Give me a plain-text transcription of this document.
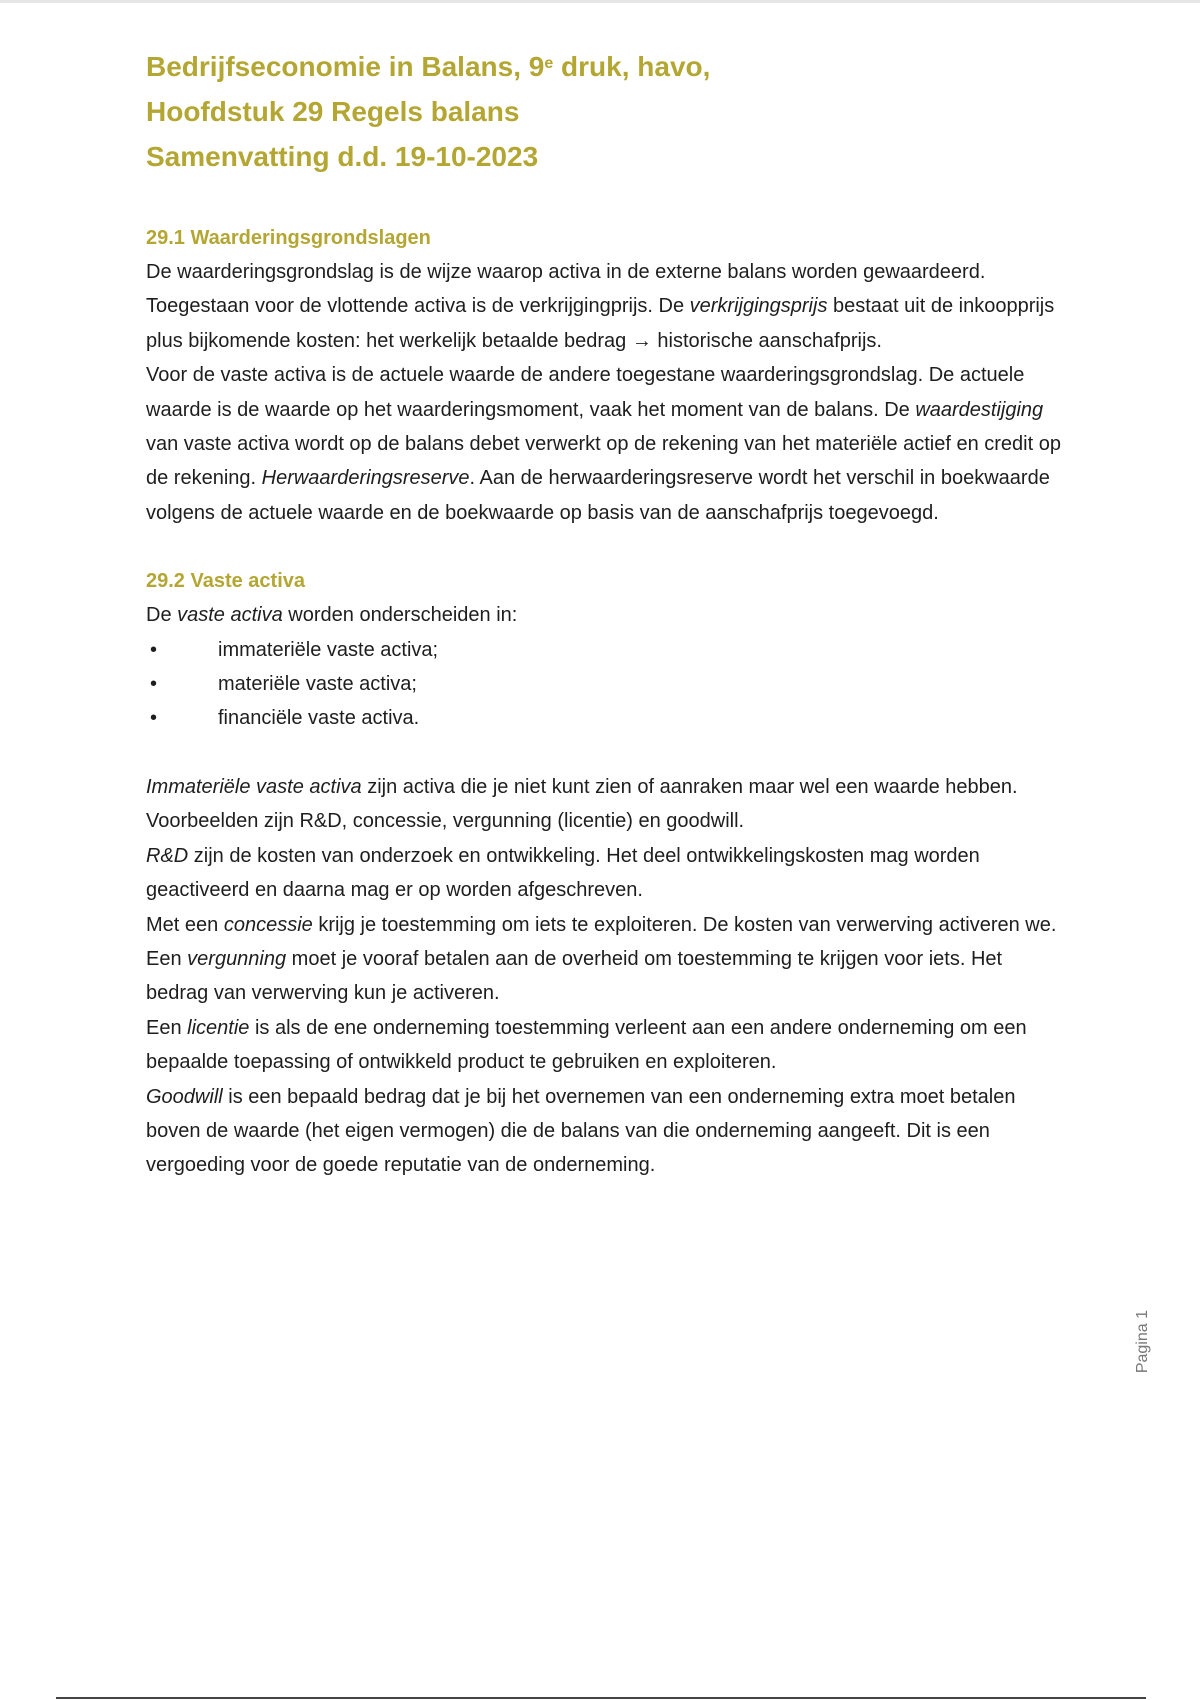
Bedrijfseconomie in Balans, 9e druk, havo,

Hoofdstuk 29 Regels balans

Samenvatting d.d. 19-10-2023

29.1 Waarderingsgrondslagen

De waarderingsgrondslag is de wijze waarop activa in de externe balans worden gewaardeerd. Toegestaan voor de vlottende activa is de verkrijgingprijs. De verkrijgingsprijs bestaat uit de inkoopprijs plus bijkomende kosten: het werkelijk betaalde bedrag → historische aanschafprijs.

Voor de vaste activa is de actuele waarde de andere toegestane waarderingsgrondslag. De actuele waarde is de waarde op het waarderingsmoment, vaak het moment van de balans. De waardestijging van vaste activa wordt op de balans debet verwerkt op de rekening van het materiële actief en credit op de rekening. Herwaarderingsreserve. Aan de herwaarderingsreserve wordt het verschil in boekwaarde volgens de actuele waarde en de boekwaarde op basis van de aanschafprijs toegevoegd.

29.2 Vaste activa

De vaste activa worden onderscheiden in:

•	immateriële vaste activa;
•	materiële vaste activa;
•	financiële vaste activa.

Immateriële vaste activa zijn activa die je niet kunt zien of aanraken maar wel een waarde hebben. Voorbeelden zijn R&D, concessie, vergunning (licentie) en goodwill.

R&D zijn de kosten van onderzoek en ontwikkeling. Het deel ontwikkelingskosten mag worden geactiveerd en daarna mag er op worden afgeschreven.

Met een concessie krijg je toestemming om iets te exploiteren. De kosten van verwerving activeren we.

Een vergunning moet je vooraf betalen aan de overheid om toestemming te krijgen voor iets. Het bedrag van verwerving kun je activeren.

Een licentie is als de ene onderneming toestemming verleent aan een andere onderneming om een bepaalde toepassing of ontwikkeld product te gebruiken en exploiteren.

Goodwill is een bepaald bedrag dat je bij het overnemen van een onderneming extra moet betalen boven de waarde (het eigen vermogen) die de balans van die onderneming aangeeft. Dit is een vergoeding voor de goede reputatie van de onderneming.

Pagina 1
